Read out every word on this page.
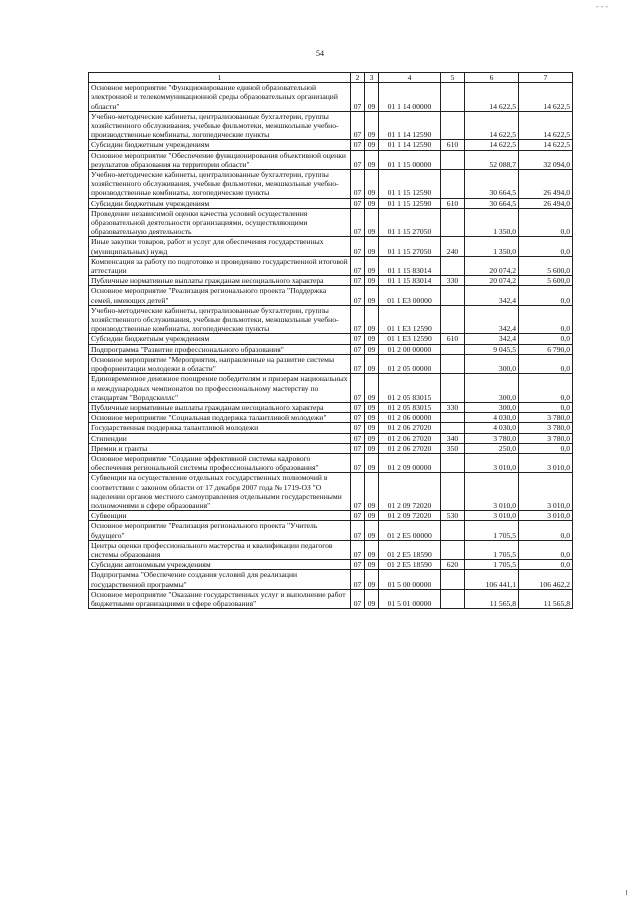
- - -
54
1	2	3	4	5	6	7
Основное мероприятие "Функционирование единой образовательной электронной и телекоммуникационной среды образовательных организаций области"	07	09	01 1 14 00000		14 622,5	14 622,5
Учебно-методические кабинеты, централизованные бухгалтерии, группы хозяйственного обслуживания, учебные фильмотеки, межшкольные учебно-производственные комбинаты, логопедические пункты	07	09	01 1 14 12590		14 622,5	14 622,5
Субсидии бюджетным учреждениям	07	09	01 1 14 12590	610	14 622,5	14 622,5
Основное мероприятие "Обеспечение функционирования объективной оценки результатов образования на территории области"	07	09	01 1 15 00000		52 088,7	32 094,0
Учебно-методические кабинеты, централизованные бухгалтерии, группы хозяйственного обслуживания, учебные фильмотеки, межшкольные учебно-производственные комбинаты, логопедические пункты	07	09	01 1 15 12590		30 664,5	26 494,0
Субсидии бюджетным учреждениям	07	09	01 1 15 12590	610	30 664,5	26 494,0
Проведение независимой оценки качества условий осуществления образовательной деятельности организациями, осуществляющими образовательную деятельность	07	09	01 1 15 27050		1 350,0	0,0
Иные закупки товаров, работ и услуг для обеспечения государственных (муниципальных) нужд	07	09	01 1 15 27050	240	1 350,0	0,0
Компенсация за работу по подготовке и проведению государственной итоговой аттестации	07	09	01 1 15 83014		20 074,2	5 600,0
Публичные нормативные выплаты гражданам несоциального характера	07	09	01 1 15 83014	330	20 074,2	5 600,0
Основное мероприятие "Реализация регионального проекта "Поддержка семей, имеющих детей"	07	09	01 1 E3 00000		342,4	0,0
Учебно-методические кабинеты, централизованные бухгалтерии, группы хозяйственного обслуживания, учебные фильмотеки, межшкольные учебно-производственные комбинаты, логопедические пункты	07	09	01 1 E3 12590		342,4	0,0
Субсидии бюджетным учреждениям	07	09	01 1 E3 12590	610	342,4	0,0
Подпрограмма "Развитие профессионального образования"	07	09	01 2 00 00000		9 045,5	6 790,0
Основное мероприятие "Мероприятия, направленные на развитие системы профориентации молодежи в области"	07	09	01 2 05 00000		300,0	0,0
Единовременное денежное поощрение победителям и призерам национальных и международных чемпионатов по профессиональному мастерству по стандартам "Ворлдскиллс"	07	09	01 2 05 83015		300,0	0,0
Публичные нормативные выплаты гражданам несоциального характера	07	09	01 2 05 83015	330	300,0	0,0
Основное мероприятие "Социальная поддержка талантливой молодежи"	07	09	01 2 06 00000		4 030,0	3 780,0
Государственная поддержка талантливой молодежи	07	09	01 2 06 27020		4 030,0	3 780,0
Стипендии	07	09	01 2 06 27020	340	3 780,0	3 780,0
Премии и гранты	07	09	01 2 06 27020	350	250,0	0,0
Основное мероприятие "Создание эффективной системы кадрового обеспечения региональной системы профессионального образования"	07	09	01 2 09 00000		3 010,0	3 010,0
Субвенции на осуществление отдельных государственных полномочий в соответствии с законом области от 17 декабря 2007 года № 1719-ОЗ "О наделении органов местного самоуправления отдельными государственными полномочиями в сфере образования"	07	09	01 2 09 72020		3 010,0	3 010,0
Субвенции	07	09	01 2 09 72020	530	3 010,0	3 010,0
Основное мероприятие "Реализация регионального проекта "Учитель будущего"	07	09	01 2 E5 00000		1 705,5	0,0
Центры оценки профессионального мастерства и квалификации педагогов системы образования	07	09	01 2 E5 18590		1 705,5	0,0
Субсидии автономным учреждениям	07	09	01 2 E5 18590	620	1 705,5	0,0
Подпрограмма "Обеспечение создания условий для реализации государственной программы"	07	09	01 5 00 00000		106 441,1	106 462,2
Основное мероприятие "Оказание государственных услуг и выполнение работ бюджетными организациями в сфере образования"	07	09	01 5 01 00000		11 565,8	11 565,8
